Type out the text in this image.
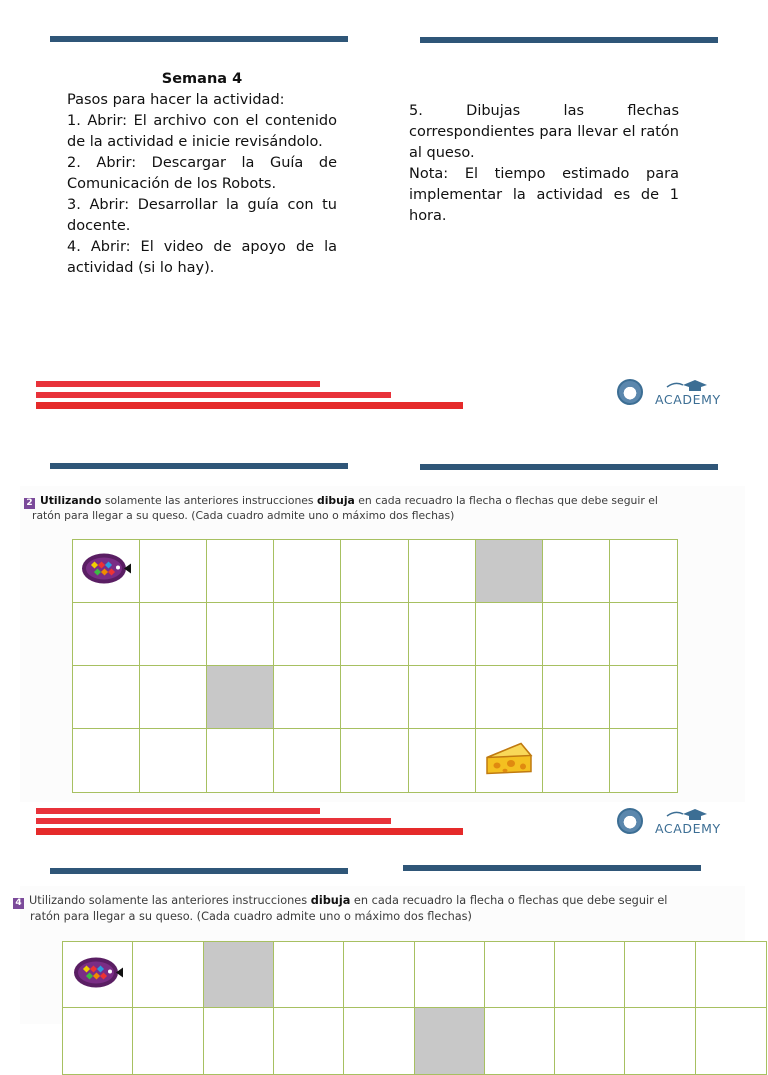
Semana 4

Pasos para hacer la actividad:

1. Abrir: El archivo con el contenido de la actividad e inicie revisándolo.

2. Abrir: Descargar la Guía de Comunicación de los Robots.

3. Abrir: Desarrollar la guía con tu docente.

4. Abrir: El video de apoyo de la actividad (si lo hay).

5. Dibujas las flechas correspondientes para llevar el ratón al queso.

Nota: El tiempo estimado para implementar la actividad es de 1 hora.

ACADEMY
2 Utilizando solamente las anteriores instrucciones dibuja en cada recuadro la flecha o flechas que debe seguir el
ratón para llegar a su queso. (Cada cuadro admite uno o máximo dos flechas)
ACADEMY
4 Utilizando solamente las anteriores instrucciones dibuja en cada recuadro la flecha o flechas que debe seguir el
ratón para llegar a su queso. (Cada cuadro admite uno o máximo dos flechas)
